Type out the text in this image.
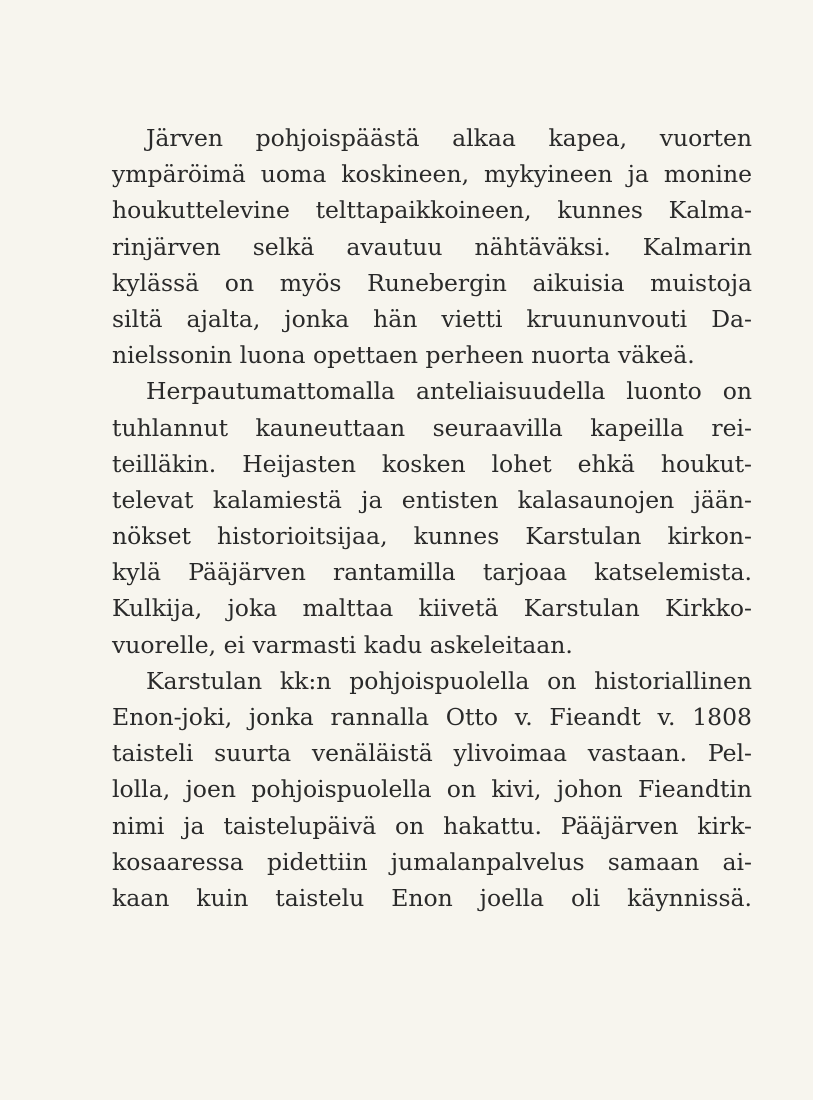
Järven pohjoispäästä alkaa kapea, vuorten
ympäröimä uoma koskineen, mykyineen ja monine
houkuttelevine telttapaikkoineen, kunnes Kalma-
rinjärven selkä avautuu nähtäväksi. Kalmarin
kylässä on myös Runebergin aikuisia muistoja
siltä ajalta, jonka hän vietti kruununvouti Da-
nielssonin luona opettaen perheen nuorta väkeä.
Herpautumattomalla anteliaisuudella luonto on
tuhlannut kauneuttaan seuraavilla kapeilla rei-
teilläkin. Heijasten kosken lohet ehkä houkut-
televat kalamiestä ja entisten kalasaunojen jään-
nökset historioitsijaa, kunnes Karstulan kirkon-
kylä Pääjärven rantamilla tarjoaa katselemista.
Kulkija, joka malttaa kiivetä Karstulan Kirkko-
vuorelle, ei varmasti kadu askeleitaan.
Karstulan kk:n pohjoispuolella on historiallinen
Enon-joki, jonka rannalla Otto v. Fieandt v. 1808
taisteli suurta venäläistä ylivoimaa vastaan. Pel-
lolla, joen pohjoispuolella on kivi, johon Fieandtin
nimi ja taistelupäivä on hakattu. Pääjärven kirk-
kosaaressa pidettiin jumalanpalvelus samaan ai-
kaan kuin taistelu Enon joella oli käynnissä.
